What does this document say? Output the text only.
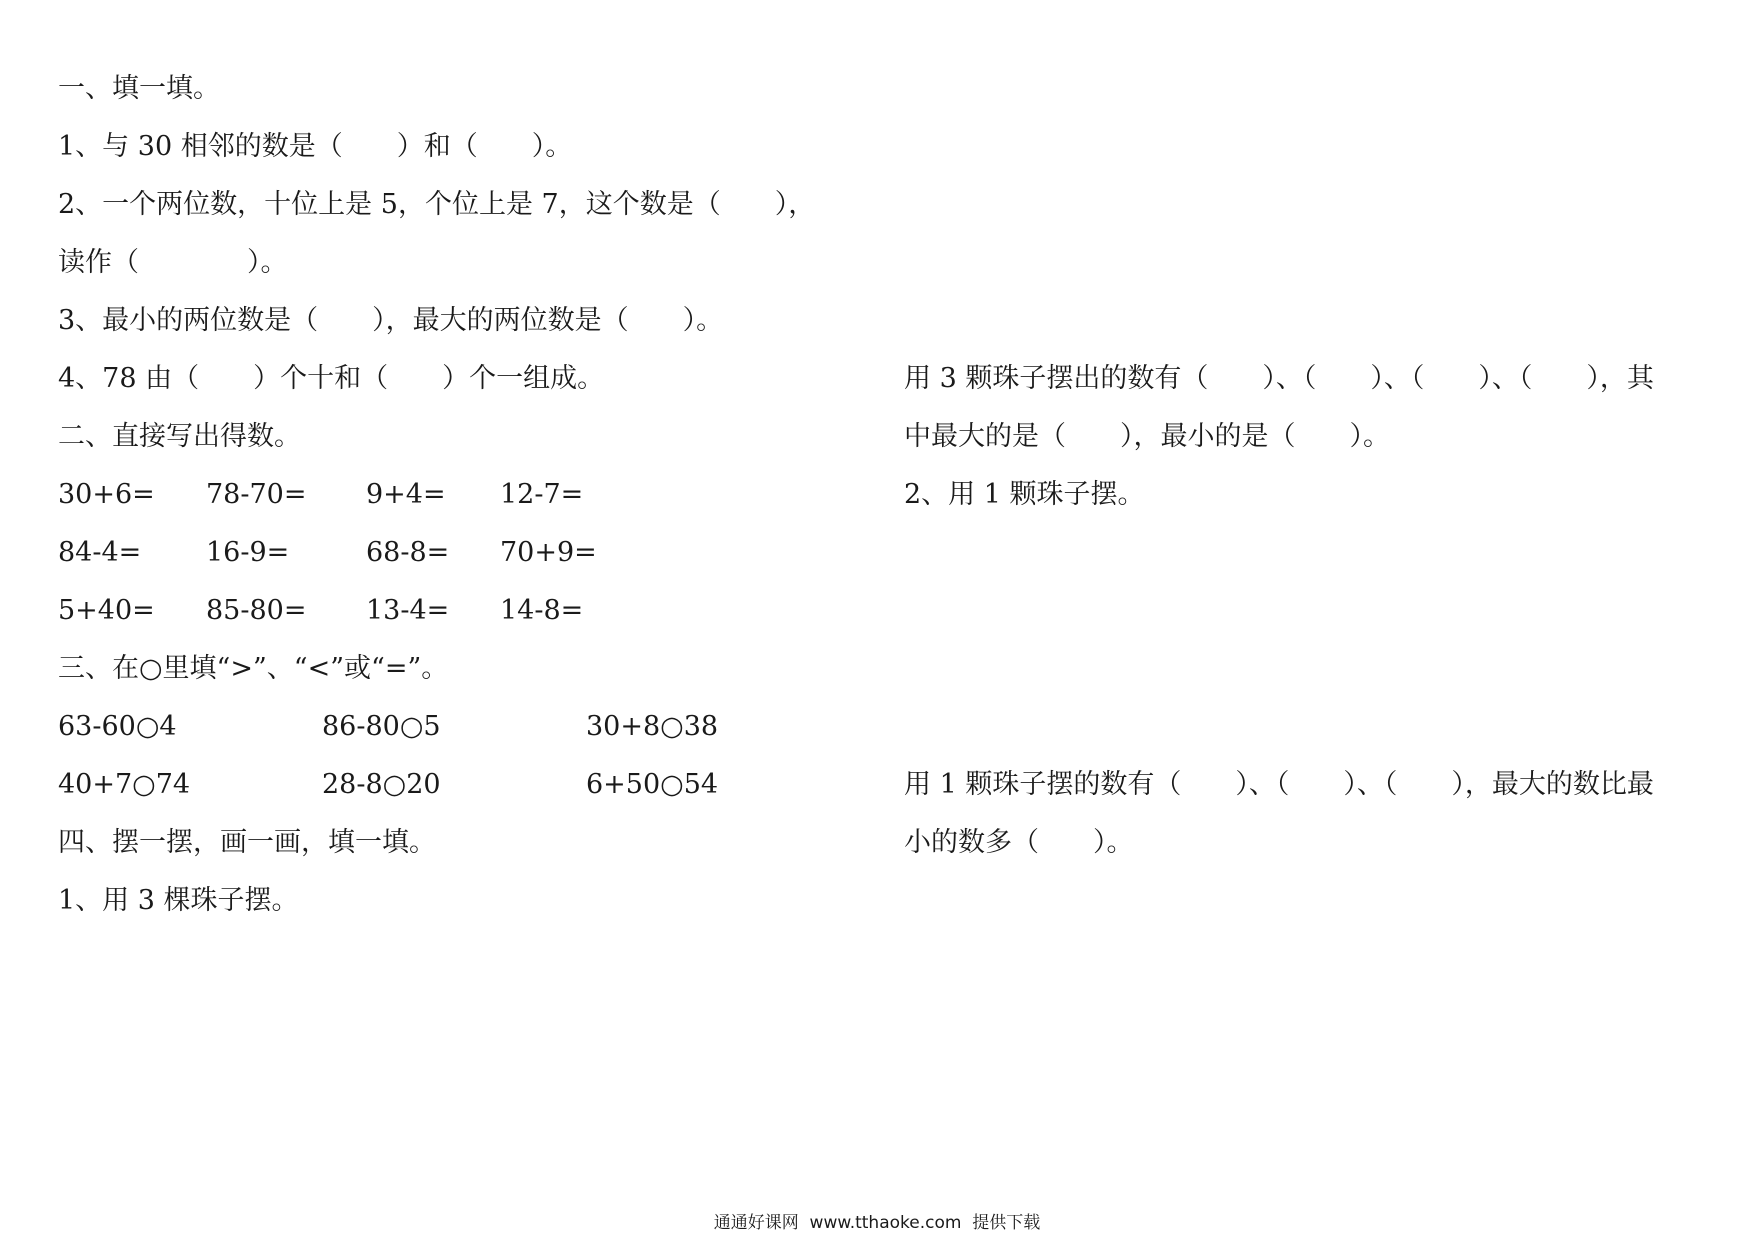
一、填一填。

1、与 30 相邻的数是（　　）和（　　）。

2、一个两位数，十位上是 5，个位上是 7，这个数是（　　），

读作（　　　　）。

3、最小的两位数是（　　），最大的两位数是（　　）。

4、78 由（　　）个十和（　　）个一组成。

二、直接写出得数。

30+6= 78-70= 9+4= 12-7=
84-4= 16-9=	68-8= 70+9=
5+40= 85-80= 13-4= 14-8=

三、在○里填“>”、“<”或“=”。

63-60○4	86-80○5	30+8○38
40+7○74	28-8○20	6+50○54

四、摆一摆，画一画，填一填。

1、用 3 棵珠子摆。

用 3 颗珠子摆出的数有（　　）、（　　）、（　　）、（　　），其

中最大的是（　　），最小的是（　　）。

2、用 1 颗珠子摆。

用 1 颗珠子摆的数有（　　）、（　　）、（　　），最大的数比最

小的数多（　　）。

通通好课网  www.tthaoke.com  提供下载
